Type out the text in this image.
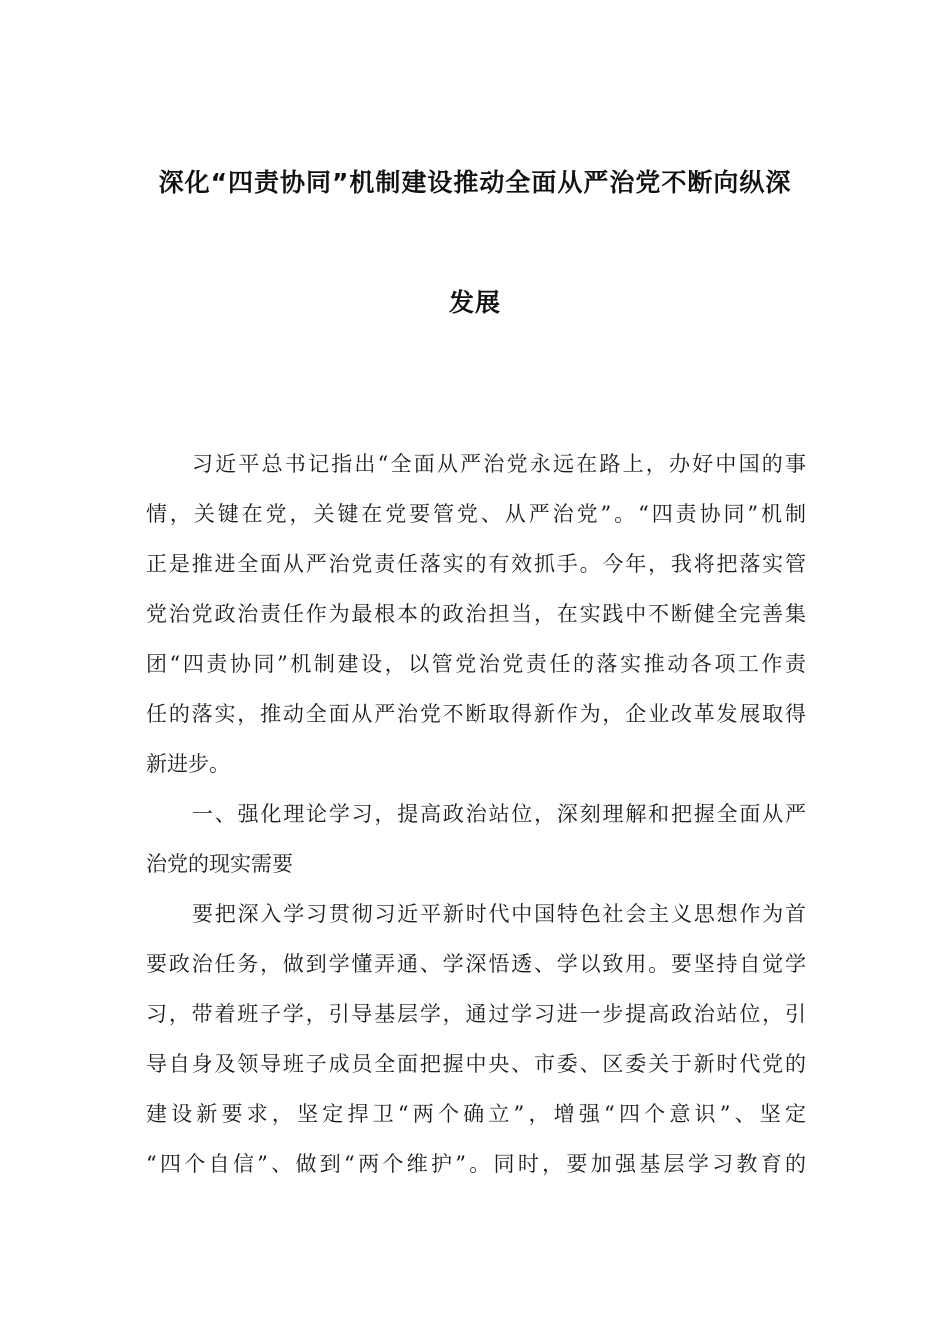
深化“四责协同”机制建设推动全面从严治党不断向纵深
发展
习近平总书记指出“全面从严治党永远在路上，办好中国的事
情，关键在党，关键在党要管党、从严治党”。“四责协同”机制
正是推进全面从严治党责任落实的有效抓手。今年，我将把落实管
党治党政治责任作为最根本的政治担当，在实践中不断健全完善集
团“四责协同”机制建设，以管党治党责任的落实推动各项工作责
任的落实，推动全面从严治党不断取得新作为，企业改革发展取得
新进步。
一、强化理论学习，提高政治站位，深刻理解和把握全面从严
治党的现实需要
要把深入学习贯彻习近平新时代中国特色社会主义思想作为首
要政治任务，做到学懂弄通、学深悟透、学以致用。要坚持自觉学
习，带着班子学，引导基层学，通过学习进一步提高政治站位，引
导自身及领导班子成员全面把握中央、市委、区委关于新时代党的
建设新要求，坚定捍卫“两个确立”，增强“四个意识”、坚定
“四个自信”、做到“两个维护”。同时，要加强基层学习教育的
